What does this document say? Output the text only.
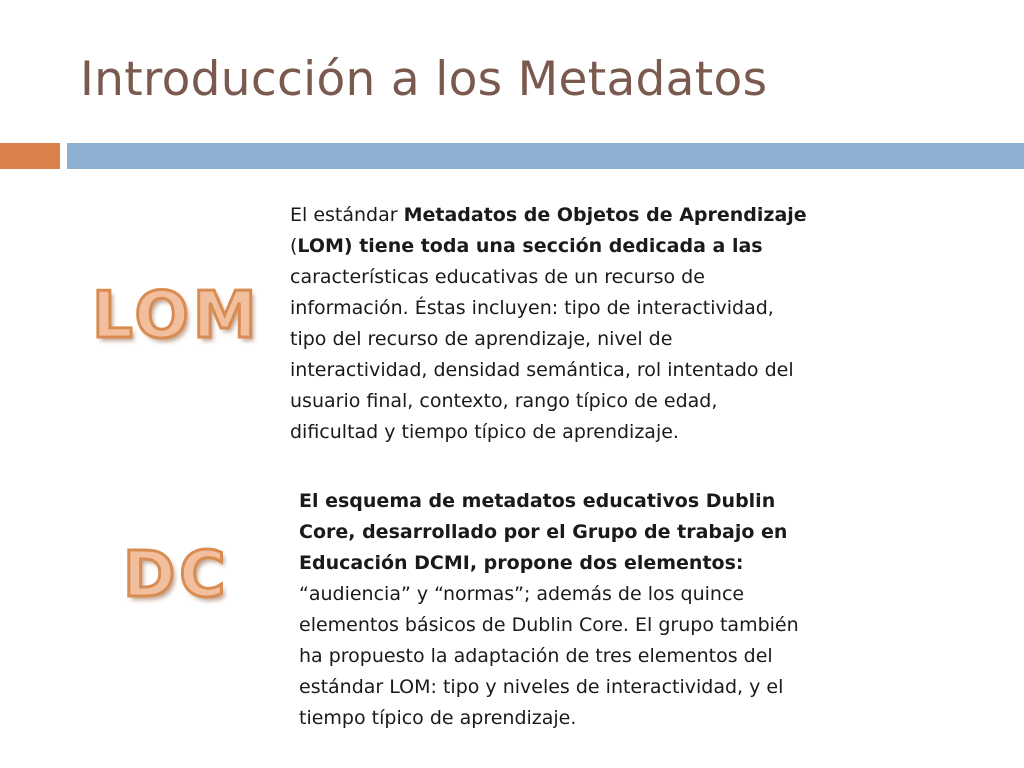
Introducción a los Metadatos
LOM
El estándar Metadatos de Objetos de Aprendizaje
(LOM) tiene toda una sección dedicada a las
características educativas de un recurso de
información. Éstas incluyen: tipo de interactividad,
tipo del recurso de aprendizaje, nivel de
interactividad, densidad semántica, rol intentado del
usuario final, contexto, rango típico de edad,
dificultad y tiempo típico de aprendizaje.
DC
El esquema de metadatos educativos Dublin
Core, desarrollado por el Grupo de trabajo en
Educación DCMI, propone dos elementos:
“audiencia” y “normas”; además de los quince
elementos básicos de Dublin Core. El grupo también
ha propuesto la adaptación de tres elementos del
estándar LOM: tipo y niveles de interactividad, y el
tiempo típico de aprendizaje.
